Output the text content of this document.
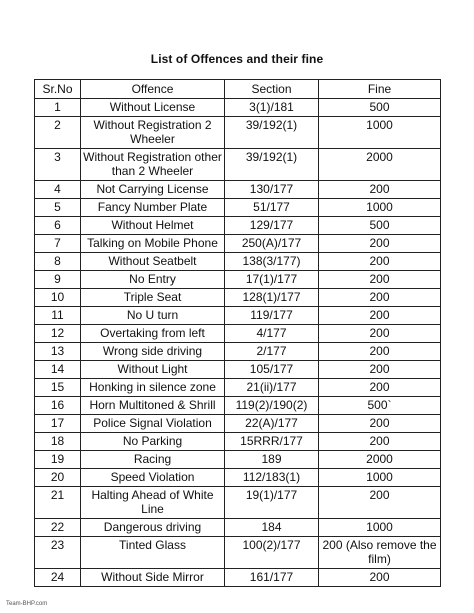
List of Offences and their fine
Sr.No	Offence	Section	Fine
1	Without License	3(1)/181	500
2	Without Registration 2 Wheeler	39/192(1)	1000
3	Without Registration other than 2 Wheeler	39/192(1)	2000
4	Not Carrying License	130/177	200
5	Fancy Number Plate	51/177	1000
6	Without Helmet	129/177	500
7	Talking on Mobile Phone	250(A)/177	200
8	Without Seatbelt	138(3/177)	200
9	No Entry	17(1)/177	200
10	Triple Seat	128(1)/177	200
11	No U turn	119/177	200
12	Overtaking from left	4/177	200
13	Wrong side driving	2/177	200
14	Without Light	105/177	200
15	Honking in silence zone	21(ii)/177	200
16	Horn Multitoned & Shrill	119(2)/190(2)	500`
17	Police Signal Violation	22(A)/177	200
18	No Parking	15RRR/177	200
19	Racing	189	2000
20	Speed Violation	112/183(1)	1000
21	Halting Ahead of White Line	19(1)/177	200
22	Dangerous driving	184	1000
23	Tinted Glass	100(2)/177	200 (Also remove the film)
24	Without Side Mirror	161/177	200
Team-BHP.com
